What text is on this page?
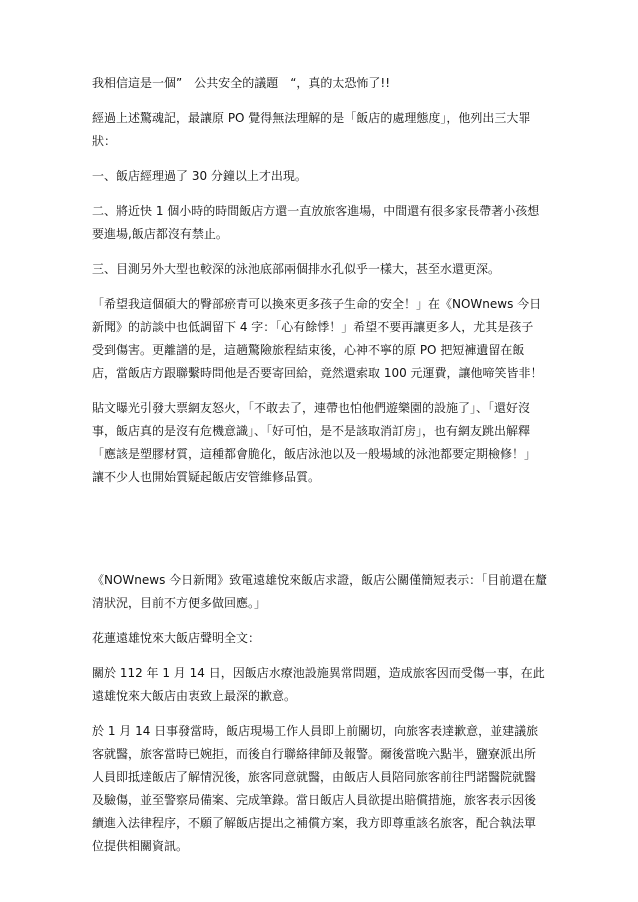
我相信這是一個”　公共安全的議題　“，真的太恐怖了!!

經過上述驚魂記，最讓原 PO 覺得無法理解的是「飯店的處理態度」，他列出三大罪
狀：

一、飯店經理過了 30 分鐘以上才出現。

二、將近快 1 個小時的時間飯店方還一直放旅客進場，中間還有很多家長帶著小孩想
要進場,飯店都沒有禁止。

三、目測另外大型也較深的泳池底部兩個排水孔似乎一樣大，甚至水還更深。

「希望我這個碩大的臀部瘀青可以換來更多孩子生命的安全！」在《NOWnews 今日
新聞》的訪談中也低調留下 4 字：「心有餘悸！」希望不要再讓更多人，尤其是孩子
受到傷害。更離譜的是，這趟驚險旅程結束後，心神不寧的原 PO 把短褲遺留在飯
店，當飯店方跟聯繫時問他是否要寄回給，竟然還索取 100 元運費，讓他啼笑皆非！

貼文曝光引發大票網友怒火，「不敢去了，連帶也怕他們遊樂園的設施了」、「還好沒
事，飯店真的是沒有危機意識」、「好可怕，是不是該取消訂房」，也有網友跳出解釋
「應該是塑膠材質，這種都會脆化，飯店泳池以及一般場域的泳池都要定期檢修！」
讓不少人也開始質疑起飯店安管維修品質。

《NOWnews 今日新聞》致電遠雄悅來飯店求證，飯店公關僅簡短表示：「目前還在釐
清狀況，目前不方便多做回應。」

花蓮遠雄悅來大飯店聲明全文：

關於 112 年 1 月 14 日，因飯店水療池設施異常問題，造成旅客因而受傷一事，在此
遠雄悅來大飯店由衷致上最深的歉意。

於 1 月 14 日事發當時，飯店現場工作人員即上前關切，向旅客表達歉意，並建議旅
客就醫，旅客當時已婉拒，而後自行聯絡律師及報警。爾後當晚六點半，鹽寮派出所
人員即抵達飯店了解情況後，旅客同意就醫，由飯店人員陪同旅客前往門諾醫院就醫
及驗傷，並至警察局備案、完成筆錄。當日飯店人員欲提出賠償措施，旅客表示因後
續進入法律程序，不願了解飯店提出之補償方案，我方即尊重該名旅客，配合執法單
位提供相關資訊。
